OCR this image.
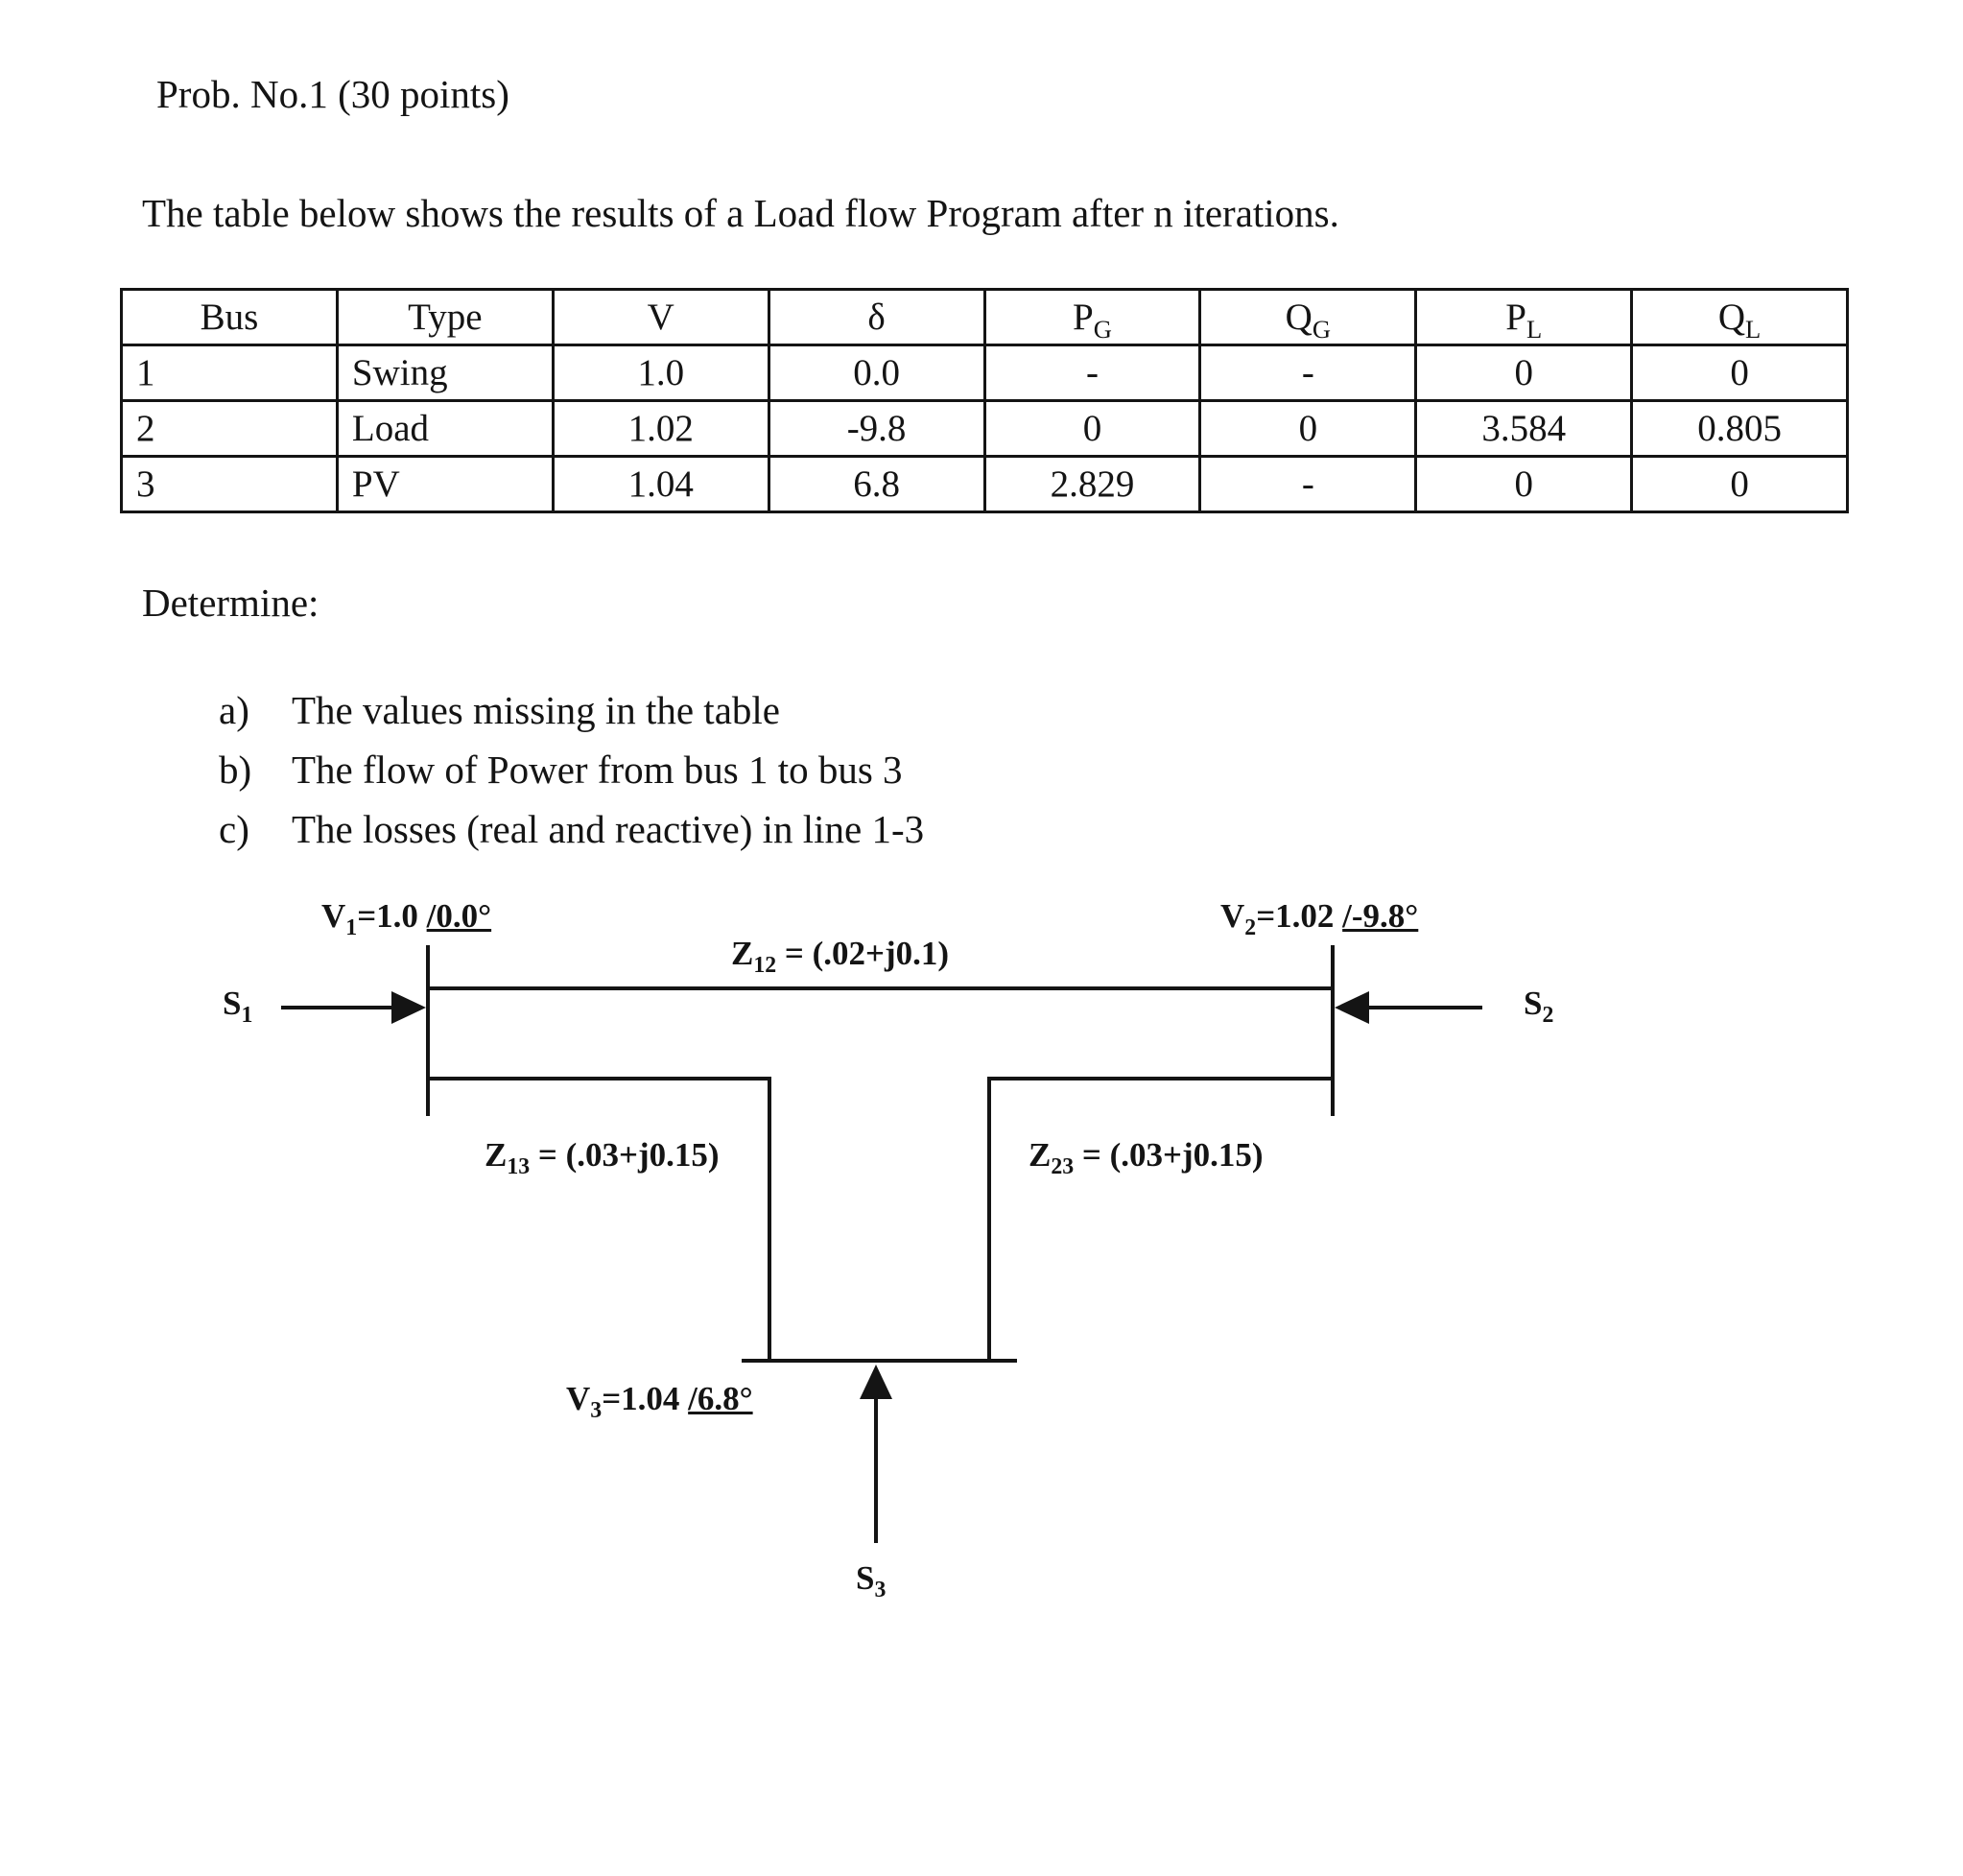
Prob. No.1 (30 points)

The table below shows the results of a Load flow Program after n iterations.

Bus	Type	V	δ	$P_G$	$Q_G$	$P_L$	$Q_L$
1	Swing	1.0	0.0	-	-	0	0
2	Load	1.02	-9.8	0	0	3.584	0.805
3	PV	1.04	6.8	2.829	-	0	0

Determine:

a)	The values missing in the table
b)	The flow of Power from bus 1 to bus 3
c)	The losses (real and reactive) in line 1-3
$V_1=1.0$ /0.0°
$Z_{12} = (.02+j0.1)$
$V_2=1.02$ /-9.8°
$S_1$	$S_2$
$Z_{13} = (.03+j0.15)$	$Z_{23} = (.03+j0.15)$
$V_3=1.04$ /6.8°
$S_3$
